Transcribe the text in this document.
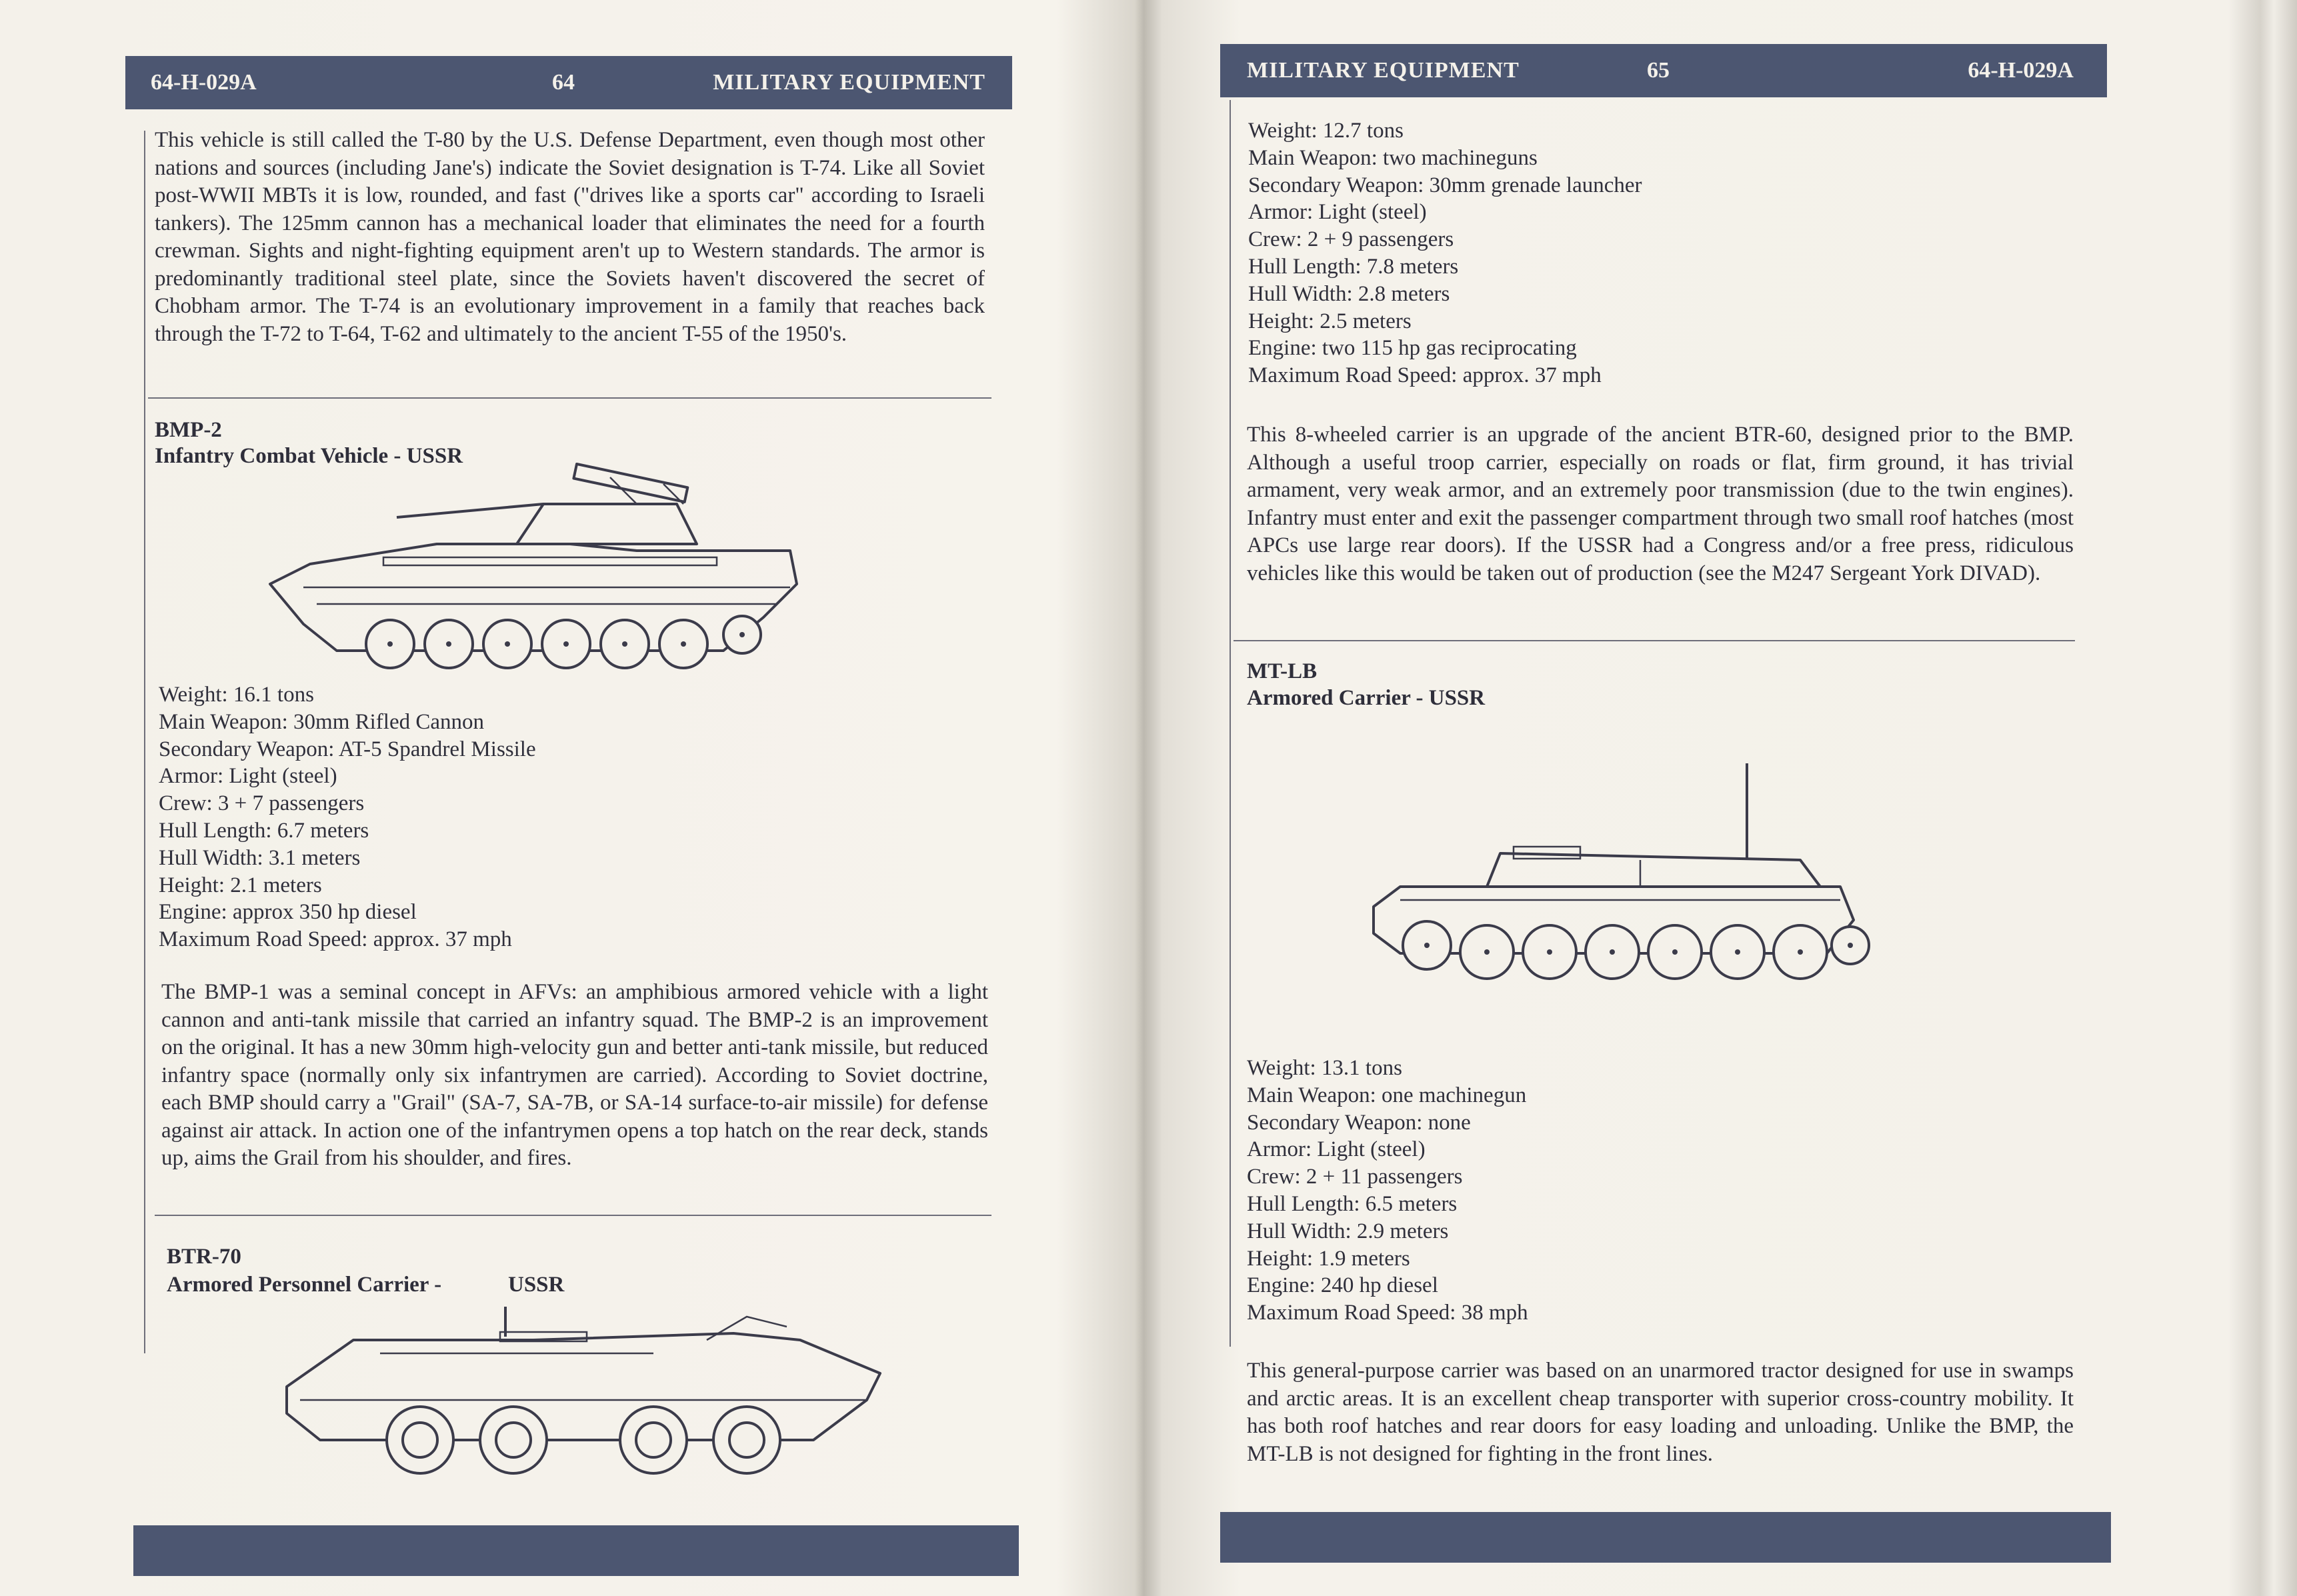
64-H-029A	64	MILITARY EQUIPMENT
This vehicle is still called the T-80 by the U.S. Defense Department, even though most other nations and sources (including Jane's) indicate the Soviet designation is T-74. Like all Soviet post-WWII MBTs it is low, rounded, and fast ("drives like a sports car" according to Israeli tankers). The 125mm cannon has a mechanical loader that eliminates the need for a fourth crewman. Sights and night-fighting equipment aren't up to Western standards. The armor is predominantly traditional steel plate, since the Soviets haven't discovered the secret of Chobham armor. The T-74 is an evolutionary improvement in a family that reaches back through the T-72 to T-64, T-62 and ultimately to the ancient T-55 of the 1950's.
BMP-2
Infantry Combat Vehicle - USSR
Weight: 16.1 tons
Main Weapon: 30mm Rifled Cannon
Secondary Weapon: AT-5 Spandrel Missile
Armor: Light (steel)
Crew: 3 + 7 passengers
Hull Length: 6.7 meters
Hull Width: 3.1 meters
Height: 2.1 meters
Engine: approx 350 hp diesel
Maximum Road Speed: approx. 37 mph
The BMP-1 was a seminal concept in AFVs: an amphibious armored vehicle with a light cannon and anti-tank missile that carried an infantry squad. The BMP-2 is an improvement on the original. It has a new 30mm high-velocity gun and better anti-tank missile, but reduced infantry space (normally only six infantrymen are carried). According to Soviet doctrine, each BMP should carry a "Grail" (SA-7, SA-7B, or SA-14 surface-to-air missile) for defense against air attack. In action one of the infantrymen opens a top hatch on the rear deck, stands up, aims the Grail from his shoulder, and fires.
BTR-70
Armored Personnel Carrier -	USSR
MILITARY EQUIPMENT	65	64-H-029A
Weight: 12.7 tons
Main Weapon: two machineguns
Secondary Weapon: 30mm grenade launcher
Armor: Light (steel)
Crew: 2 + 9 passengers
Hull Length: 7.8 meters
Hull Width: 2.8 meters
Height: 2.5 meters
Engine: two 115 hp gas reciprocating
Maximum Road Speed: approx. 37 mph
This 8-wheeled carrier is an upgrade of the ancient BTR-60, designed prior to the BMP. Although a useful troop carrier, especially on roads or flat, firm ground, it has trivial armament, very weak armor, and an extremely poor transmission (due to the twin engines). Infantry must enter and exit the passenger compartment through two small roof hatches (most APCs use large rear doors). If the USSR had a Congress and/or a free press, ridiculous vehicles like this would be taken out of production (see the M247 Sergeant York DIVAD).
MT-LB
Armored Carrier - USSR
Weight: 13.1 tons
Main Weapon: one machinegun
Secondary Weapon: none
Armor: Light (steel)
Crew: 2 + 11 passengers
Hull Length: 6.5 meters
Hull Width: 2.9 meters
Height: 1.9 meters
Engine: 240 hp diesel
Maximum Road Speed: 38 mph
This general-purpose carrier was based on an unarmored tractor designed for use in swamps and arctic areas. It is an excellent cheap transporter with superior cross-country mobility. It has both roof hatches and rear doors for easy loading and unloading. Unlike the BMP, the MT-LB is not designed for fighting in the front lines.
